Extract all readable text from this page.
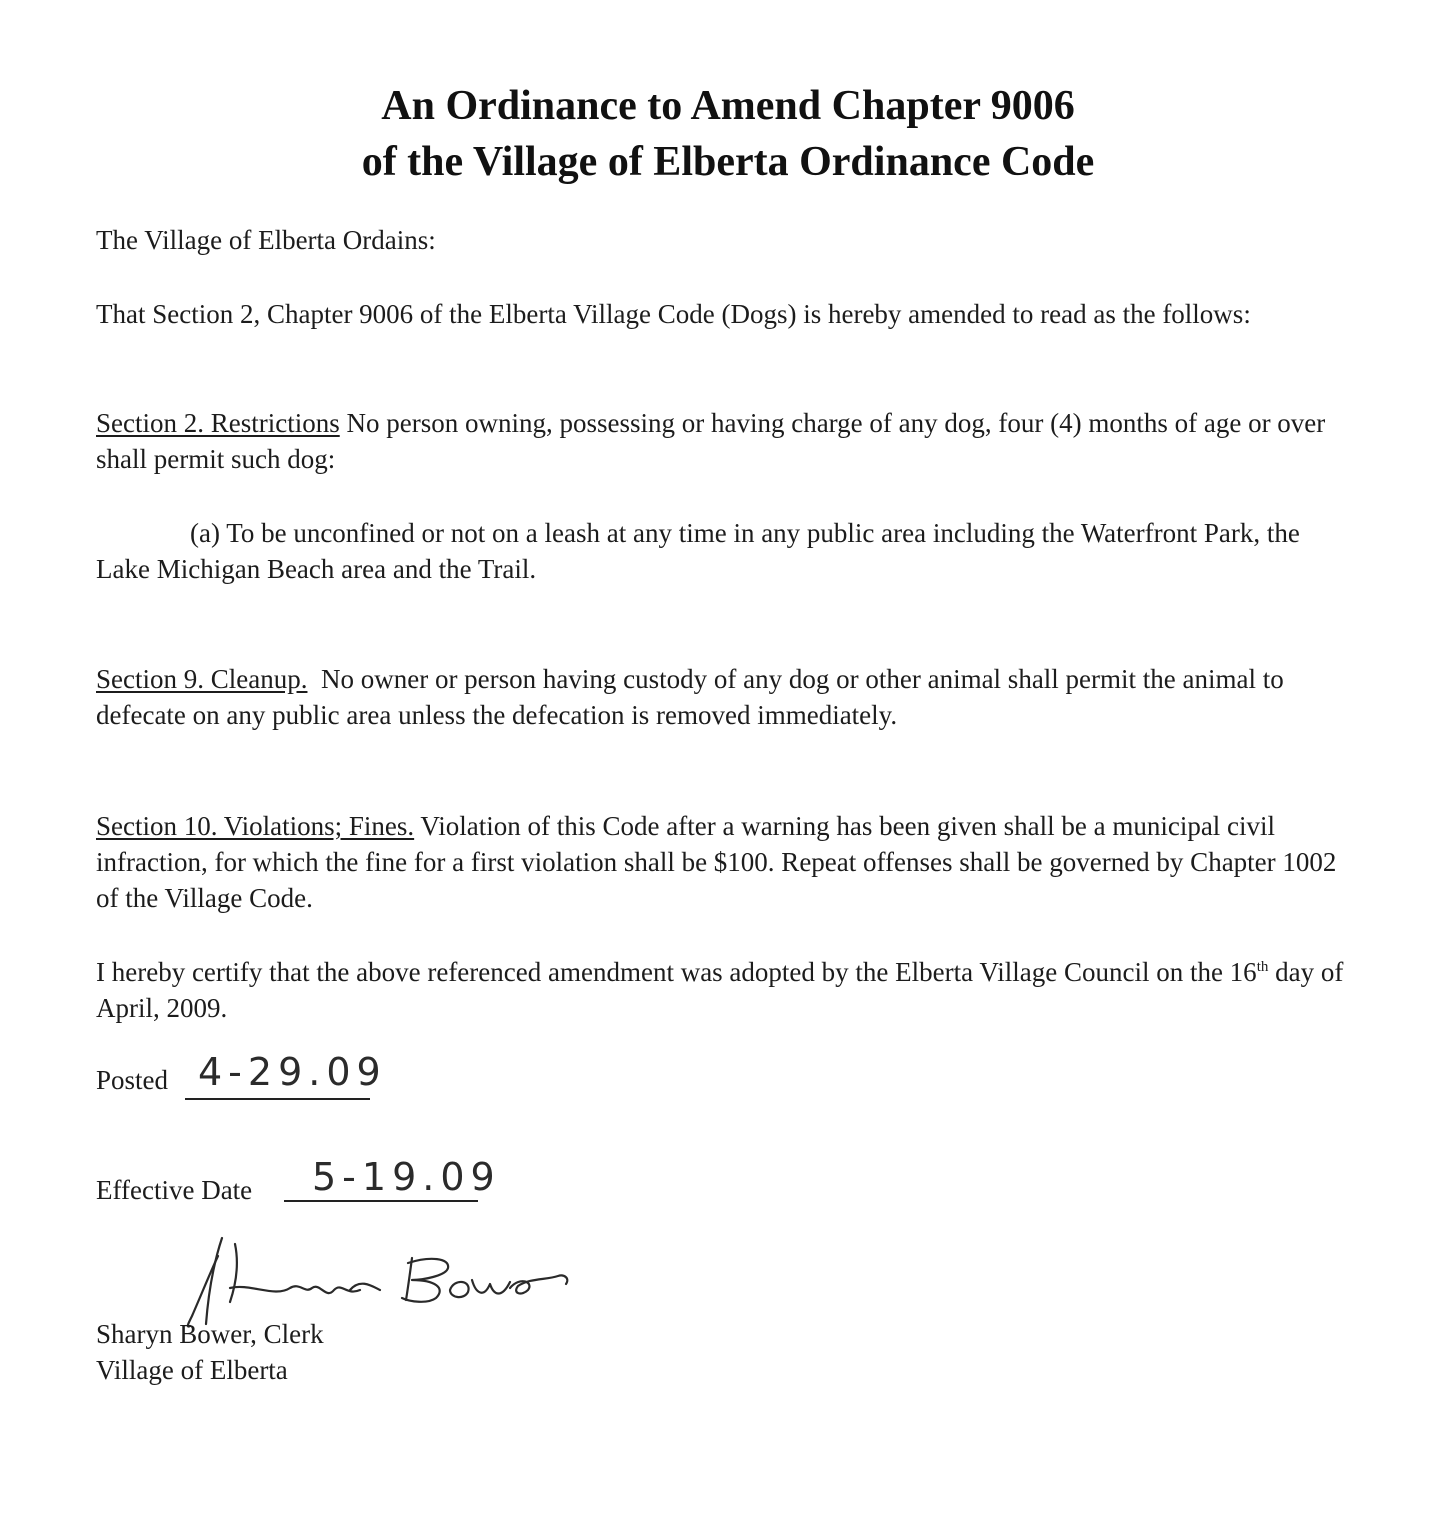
An Ordinance to Amend Chapter 9006
of the Village of Elberta Ordinance Code
The Village of Elberta Ordains:
That Section 2, Chapter 9006 of the Elberta Village Code (Dogs) is hereby amended to read as the follows:
Section 2. Restrictions No person owning, possessing or having charge of any dog, four (4) months of age or over shall permit such dog:
(a) To be unconfined or not on a leash at any time in any public area including the Waterfront Park, the Lake Michigan Beach area and the Trail.
Section 9. Cleanup.  No owner or person having custody of any dog or other animal shall permit the animal to defecate on any public area unless the defecation is removed immediately.
Section 10. Violations; Fines. Violation of this Code after a warning has been given shall be a municipal civil infraction, for which the fine for a first violation shall be $100. Repeat offenses shall be governed by Chapter 1002 of the Village Code.
I hereby certify that the above referenced amendment was adopted by the Elberta Village Council on the 16th day of April, 2009.
Posted 4-29.09
Effective Date 5-19.09
Sharyn Bower, Clerk
Village of Elberta
